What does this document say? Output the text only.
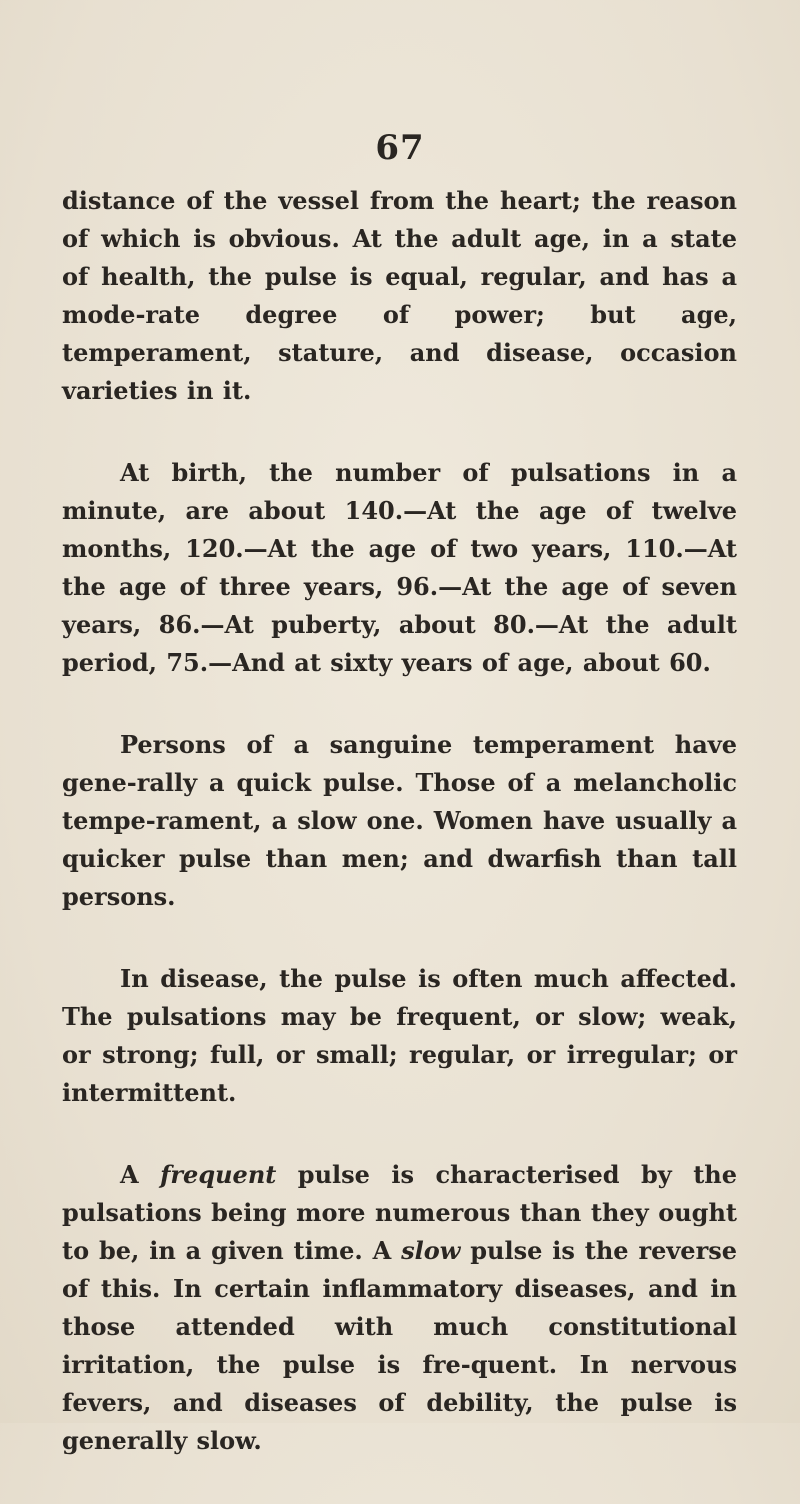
67

distance of the vessel from the heart; the reason of which is obvious. At the adult age, in a state of health, the pulse is equal, regular, and has a mode-rate degree of power; but age, temperament, stature, and disease, occasion varieties in it.

At birth, the number of pulsations in a minute, are about 140.—At the age of twelve months, 120.—At the age of two years, 110.—At the age of three years, 96.—At the age of seven years, 86.—At puberty, about 80.—At the adult period, 75.—And at sixty years of age, about 60.

Persons of a sanguine temperament have gene-rally a quick pulse. Those of a melancholic tempe-rament, a slow one. Women have usually a quicker pulse than men; and dwarfish than tall persons.

In disease, the pulse is often much affected. The pulsations may be frequent, or slow; weak, or strong; full, or small; regular, or irregular; or intermittent.

A frequent pulse is characterised by the pulsations being more numerous than they ought to be, in a given time. A slow pulse is the reverse of this. In certain inflammatory diseases, and in those attended with much constitutional irritation, the pulse is fre-quent. In nervous fevers, and diseases of debility, the pulse is generally slow.
